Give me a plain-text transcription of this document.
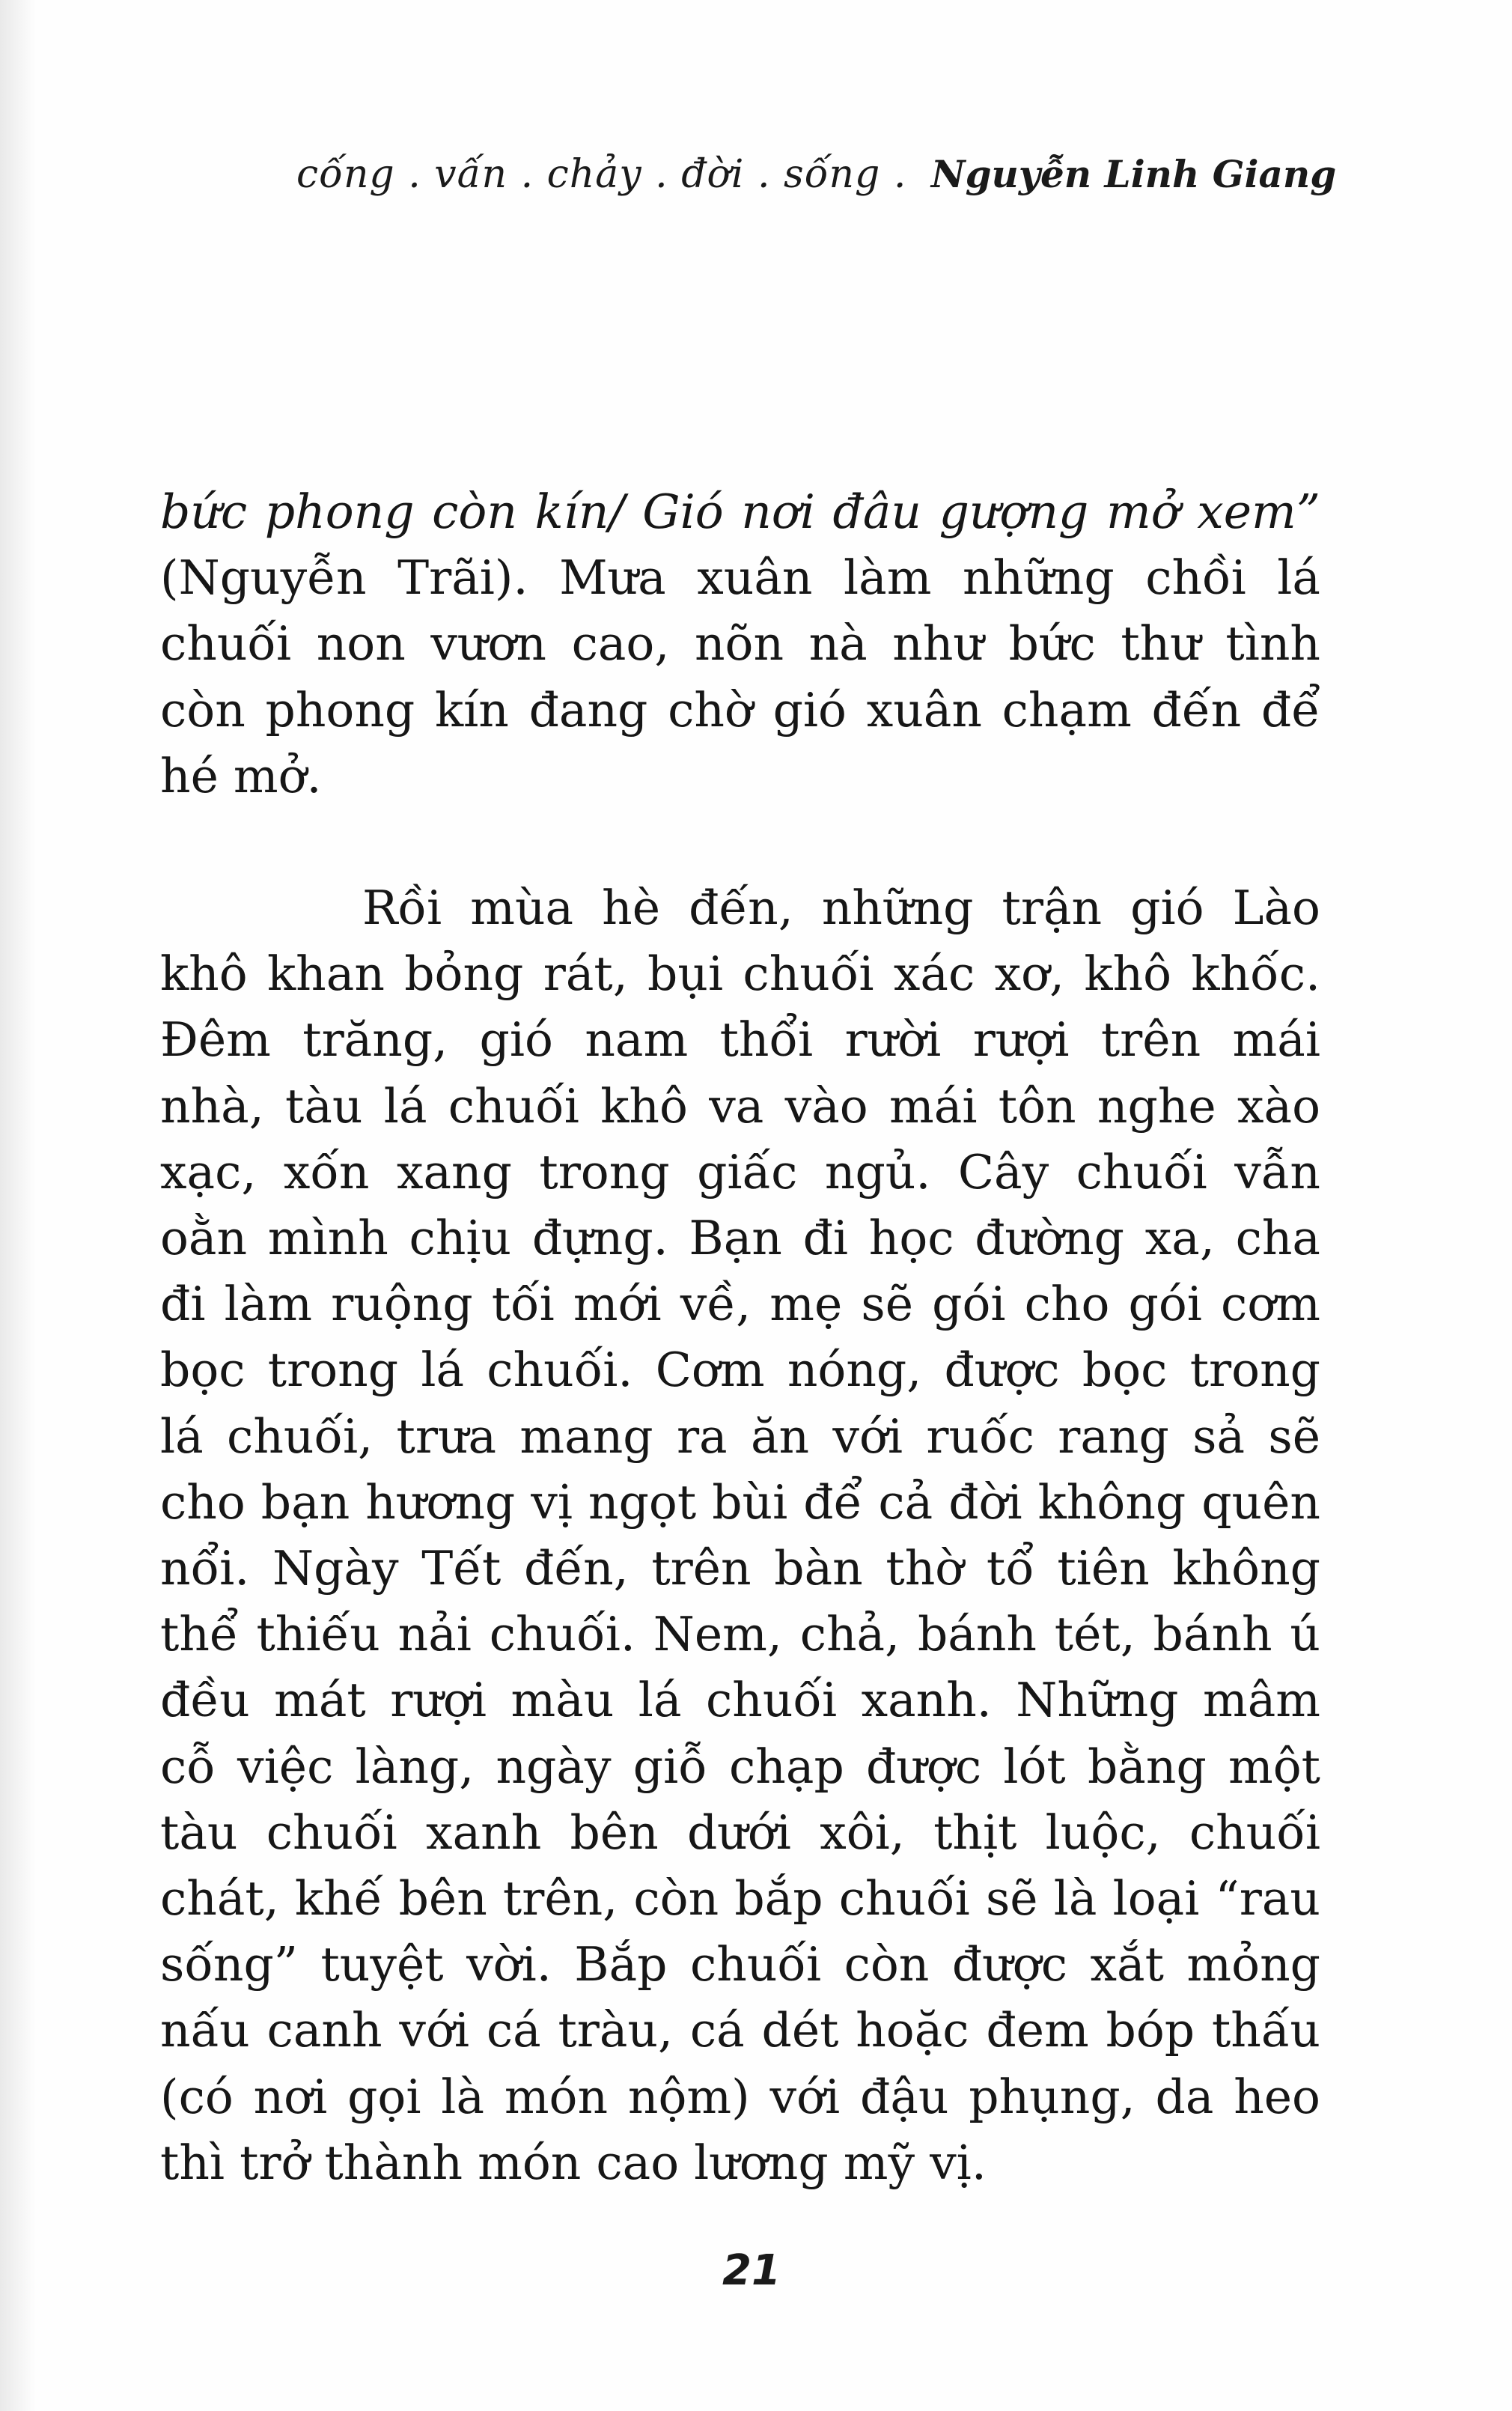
cống . vấn . chảy . đời . sống . Nguyễn Linh Giang

bức phong còn kín/ Gió nơi đâu gượng mở xem”
(Nguyễn Trãi). Mưa xuân làm những chồi lá
chuối non vươn cao, nõn nà như bức thư tình
còn phong kín đang chờ gió xuân chạm đến để
hé mở.

Rồi mùa hè đến, những trận gió Lào
khô khan bỏng rát, bụi chuối xác xơ, khô khốc.
Đêm trăng, gió nam thổi rười rượi trên mái
nhà, tàu lá chuối khô va vào mái tôn nghe xào
xạc, xốn xang trong giấc ngủ. Cây chuối vẫn
oằn mình chịu đựng. Bạn đi học đường xa, cha
đi làm ruộng tối mới về, mẹ sẽ gói cho gói cơm
bọc trong lá chuối. Cơm nóng, được bọc trong
lá chuối, trưa mang ra ăn với ruốc rang sả sẽ
cho bạn hương vị ngọt bùi để cả đời không quên
nổi. Ngày Tết đến, trên bàn thờ tổ tiên không
thể thiếu nải chuối. Nem, chả, bánh tét, bánh ú
đều mát rượi màu lá chuối xanh. Những mâm
cỗ việc làng, ngày giỗ chạp được lót bằng một
tàu chuối xanh bên dưới xôi, thịt luộc, chuối
chát, khế bên trên, còn bắp chuối sẽ là loại “rau
sống” tuyệt vời. Bắp chuối còn được xắt mỏng
nấu canh với cá tràu, cá dét hoặc đem bóp thấu
(có nơi gọi là món nộm) với đậu phụng, da heo
thì trở thành món cao lương mỹ vị.

21
